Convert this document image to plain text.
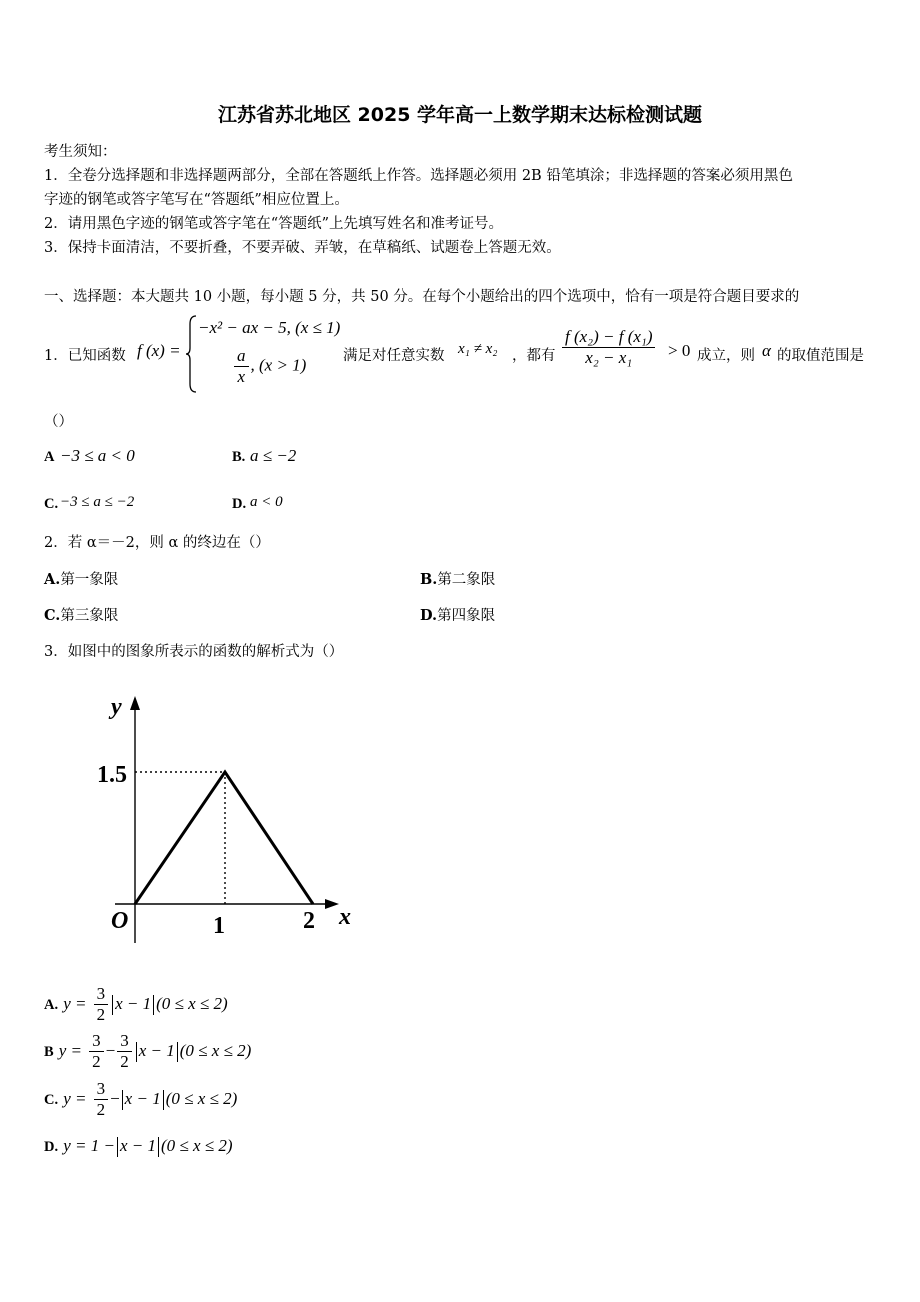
江苏省苏北地区 2025 学年高一上数学期末达标检测试题
考生须知：
1．全卷分选择题和非选择题两部分，全部在答题纸上作答。选择题必须用 2B 铅笔填涂；非选择题的答案必须用黑色
字迹的钢笔或答字笔写在“答题纸”相应位置上。
2．请用黑色字迹的钢笔或答字笔在“答题纸”上先填写姓名和准考证号。
3．保持卡面清洁，不要折叠，不要弄破、弄皱，在草稿纸、试题卷上答题无效。
一、选择题：本大题共 10 小题，每小题 5 分，共 50 分。在每个小题给出的四个选项中，恰有一项是符合题目要求的
1．已知函数 f (x) =
−x² − ax − 5, (x ≤ 1)
$\frac{a}{x}$ , (x > 1)	满足对任意实数 x₁ ≠ x₂ ，都有 $\frac{\text{f (x₂) − f (x₁)}}{\text{x₂ − x₁}} > 0$ 成立，则 α 的取值范围是
（）
A −3 ≤ a < 0	B. a ≤ −2
C. −3 ≤ a ≤ −2	D. a < 0
2．若 α＝－2，则 α 的终边在（）
A.第一象限	B.第二象限
C.第三象限	D.第四象限
3．如图中的图象所表示的函数的解析式为（）
y
x
O	1	2
1.5
A. $y = \frac{3}{2}$ x − 1 (0 ≤ x ≤ 2)
B $y = \frac{3}{2} - \frac{3}{2}$ x − 1 (0 ≤ x ≤ 2)
C. $y = \frac{3}{2} - x - 1$ (0 ≤ x ≤ 2)
D. y = 1 − x − 1 (0 ≤ x ≤ 2)
